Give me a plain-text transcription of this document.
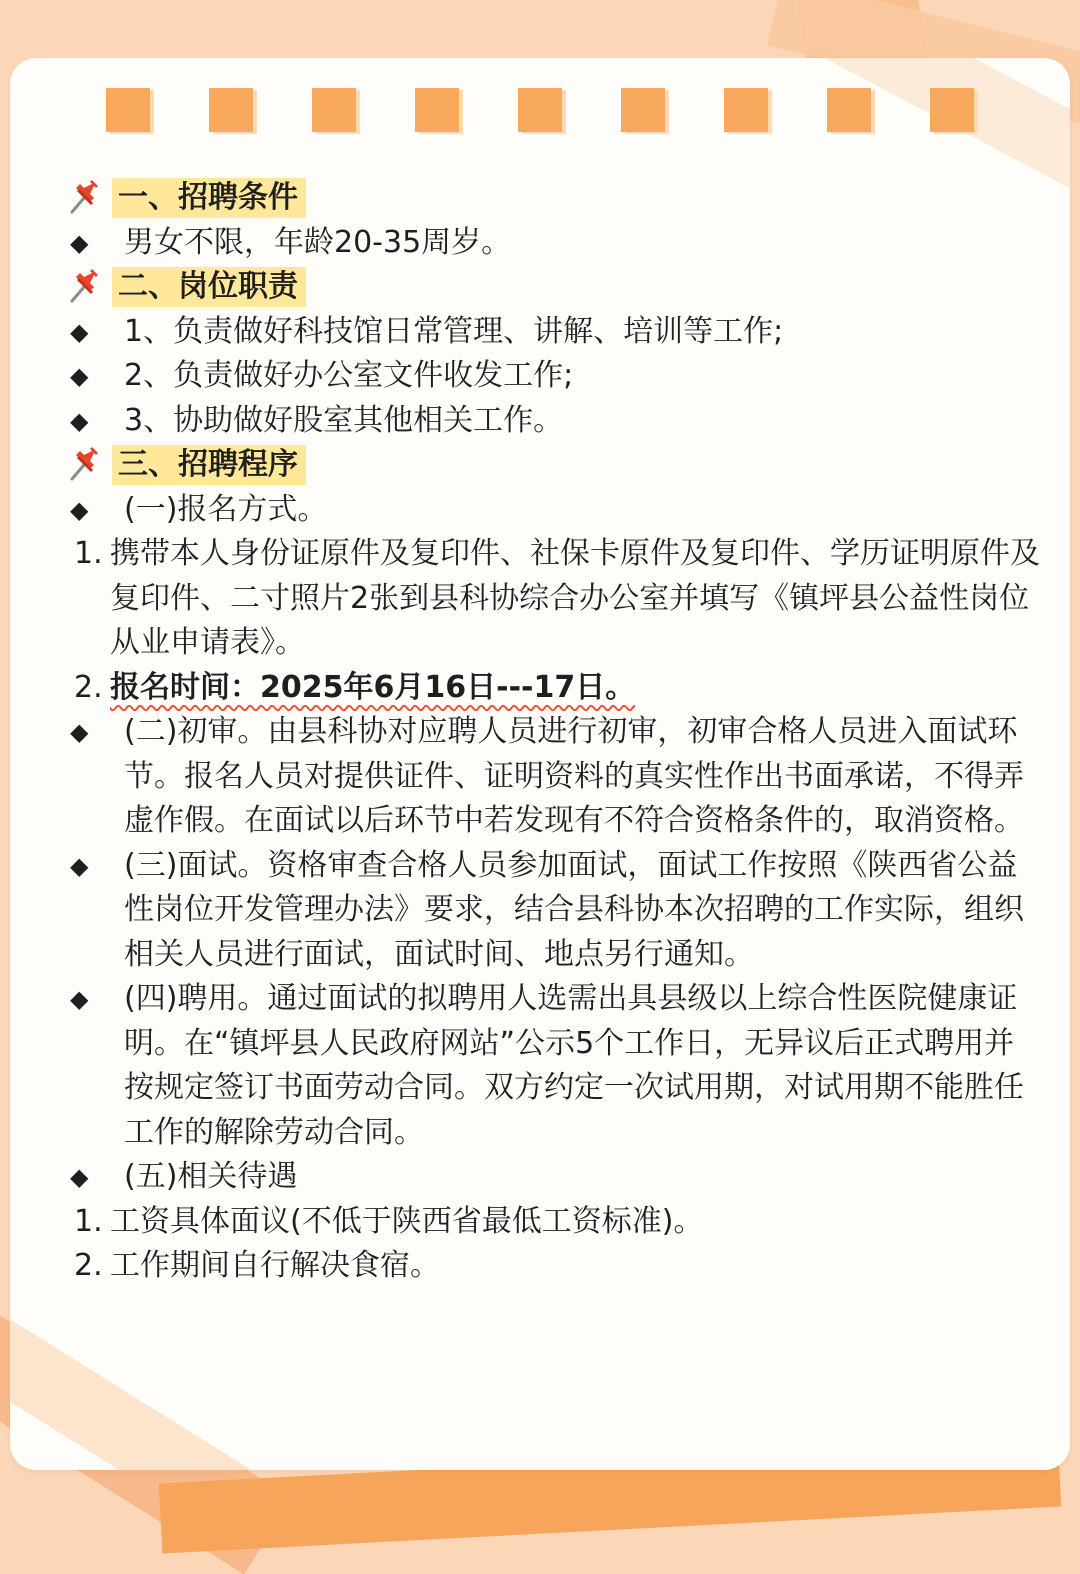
一、招聘条件
◆	男女不限，年龄20-35周岁。
二、岗位职责
◆	1、负责做好科技馆日常管理、讲解、培训等工作;
◆	2、负责做好办公室文件收发工作;
◆	3、协助做好股室其他相关工作。
三、招聘程序
◆	(一)报名方式。
1. 携带本人身份证原件及复印件、社保卡原件及复印件、学历证明原件及复印件、二寸照片2张到县科协综合办公室并填写《镇坪县公益性岗位从业申请表》。
2. 报名时间：2025年6月16日---17日。
◆	(二)初审。由县科协对应聘人员进行初审，初审合格人员进入面试环节。报名人员对提供证件、证明资料的真实性作出书面承诺，不得弄虚作假。在面试以后环节中若发现有不符合资格条件的，取消资格。
◆	(三)面试。资格审查合格人员参加面试，面试工作按照《陕西省公益性岗位开发管理办法》要求，结合县科协本次招聘的工作实际，组织相关人员进行面试，面试时间、地点另行通知。
◆	(四)聘用。通过面试的拟聘用人选需出具县级以上综合性医院健康证明。在“镇坪县人民政府网站”公示5个工作日，无异议后正式聘用并按规定签订书面劳动合同。双方约定一次试用期，对试用期不能胜任工作的解除劳动合同。
◆	(五)相关待遇
1. 工资具体面议(不低于陕西省最低工资标准)。
2. 工作期间自行解决食宿。
